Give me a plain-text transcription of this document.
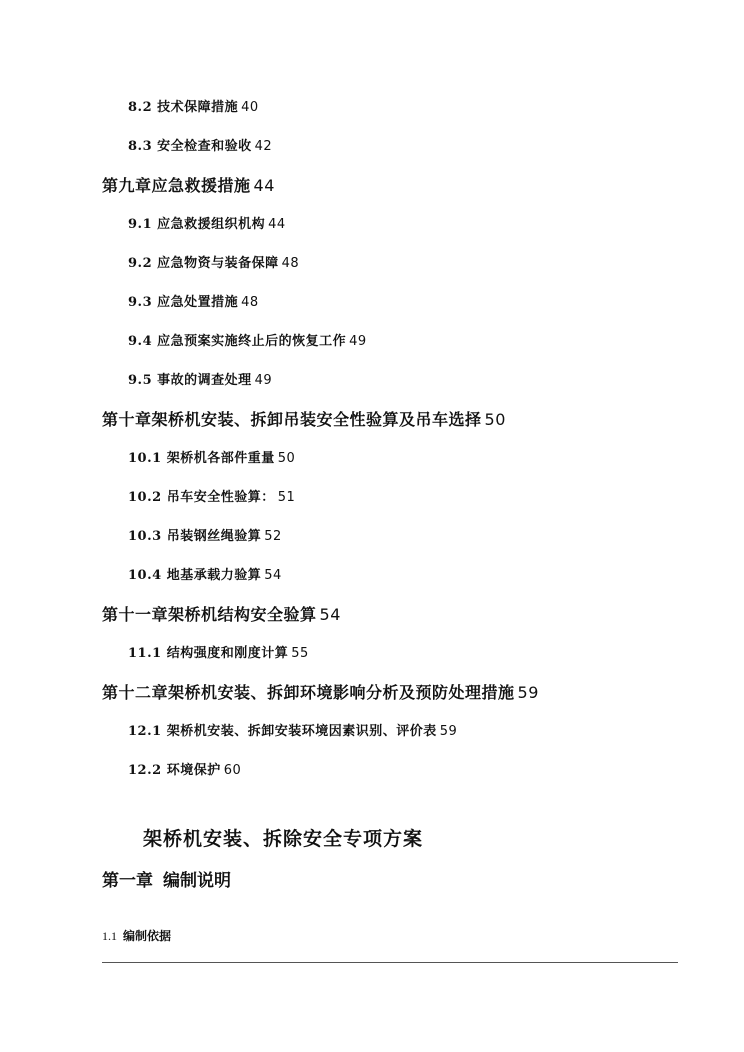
8.2 技术保障措施 40
8.3 安全检查和验收 42
第九章应急救援措施 44
9.1 应急救援组织机构 44
9.2 应急物资与装备保障 48
9.3 应急处置措施 48
9.4 应急预案实施终止后的恢复工作 49
9.5 事故的调查处理 49
第十章架桥机安装、拆卸吊装安全性验算及吊车选择 50
10.1 架桥机各部件重量 50
10.2 吊车安全性验算： 51
10.3 吊装钢丝绳验算 52
10.4 地基承载力验算 54
第十一章架桥机结构安全验算 54
11.1 结构强度和刚度计算 55
第十二章架桥机安装、拆卸环境影响分析及预防处理措施 59
12.1 架桥机安装、拆卸安装环境因素识别、评价表 59
12.2 环境保护 60
架桥机安装、拆除安全专项方案
第一章 编制说明
1.1 编制依据
